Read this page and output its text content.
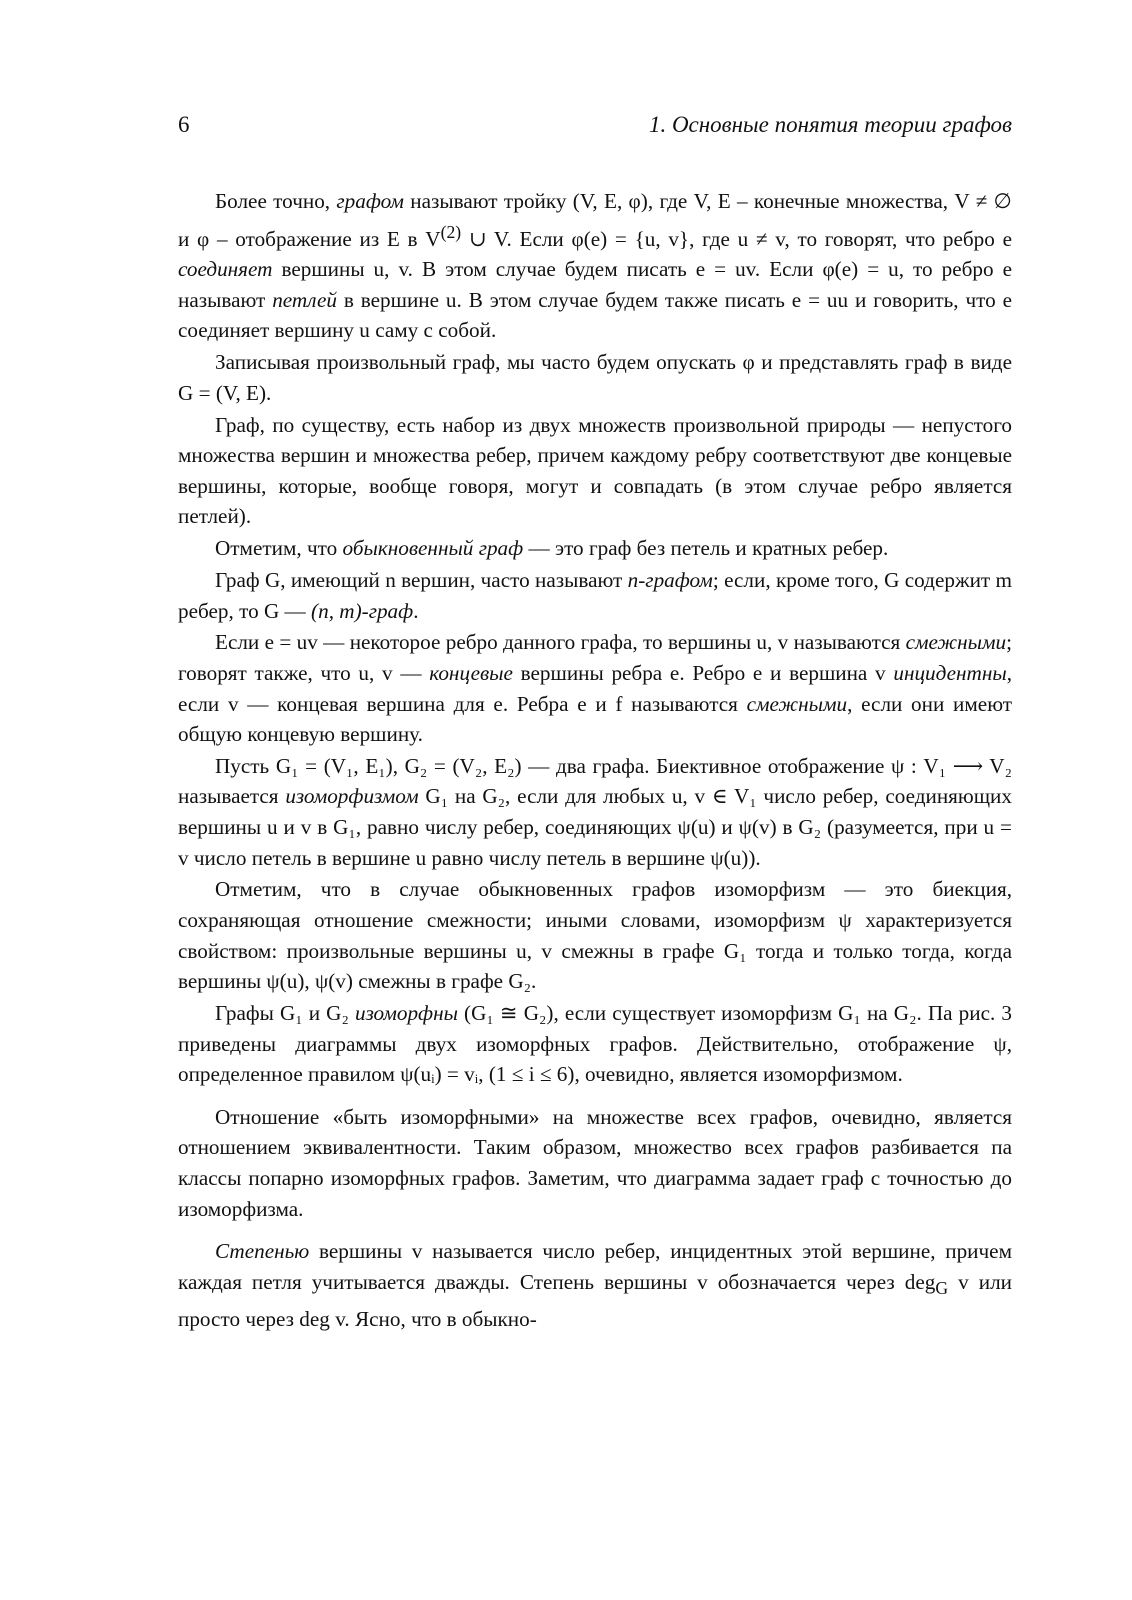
6	1. Основные понятия теории графов

Более точно, графом называют тройку (V, E, φ), где V, E – конечные множества, V ≠ ∅ и φ – отображение из E в $V^{(2)}$ ∪ V. Если φ(e) = {u, v}, где u ≠ v, то говорят, что ребро e соединяет вершины u, v. В этом случае будем писать e = uv. Если φ(e) = u, то ребро e называют петлей в вершине u. В этом случае будем также писать e = uu и говорить, что e соединяет вершину u саму с собой.

Записывая произвольный граф, мы часто будем опускать φ и представлять граф в виде G = (V, E).

Граф, по существу, есть набор из двух множеств произвольной природы — непустого множества вершин и множества ребер, причем каждому ребру соответствуют две концевые вершины, которые, вообще говоря, могут и совпадать (в этом случае ребро является петлей).

Отметим, что обыкновенный граф — это граф без петель и кратных ребер.

Граф G, имеющий n вершин, часто называют n-графом; если, кроме того, G содержит m ребер, то G — (n, m)-граф.

Если e = uv — некоторое ребро данного графа, то вершины u, v называются смежными; говорят также, что u, v — концевые вершины ребра e. Ребро e и вершина v инцидентны, если v — концевая вершина для e. Ребра e и f называются смежными, если они имеют общую концевую вершину.

Пусть G₁ = (V₁, E₁), G₂ = (V₂, E₂) — два графа. Биективное отображение ψ : V₁ ⟶ V₂ называется изоморфизмом G₁ на G₂, если для любых u, v ∈ V₁ число ребер, соединяющих вершины u и v в G₁, равно числу ребер, соединяющих ψ(u) и ψ(v) в G₂ (разумеется, при u = v число петель в вершине u равно числу петель в вершине ψ(u)).

Отметим, что в случае обыкновенных графов изоморфизм — это биекция, сохраняющая отношение смежности; иными словами, изоморфизм ψ характеризуется свойством: произвольные вершины u, v смежны в графе G₁ тогда и только тогда, когда вершины ψ(u), ψ(v) смежны в графе G₂.

Графы G₁ и G₂ изоморфны (G₁ ≅ G₂), если существует изоморфизм G₁ на G₂. Па рис. 3 приведены диаграммы двух изоморфных графов. Действительно, отображение ψ, определенное правилом ψ(uᵢ) = vᵢ, (1 ≤ i ≤ 6), очевидно, является изоморфизмом.

Отношение «быть изоморфными» на множестве всех графов, очевидно, является отношением эквивалентности. Таким образом, множество всех графов разбивается па классы попарно изоморфных графов. Заметим, что диаграмма задает граф с точностью до изоморфизма.

Степенью вершины v называется число ребер, инцидентных этой вершине, причем каждая петля учитывается дважды. Степень вершины v обозначается через deg$_G$ v или просто через deg v. Ясно, что в обыкно-
